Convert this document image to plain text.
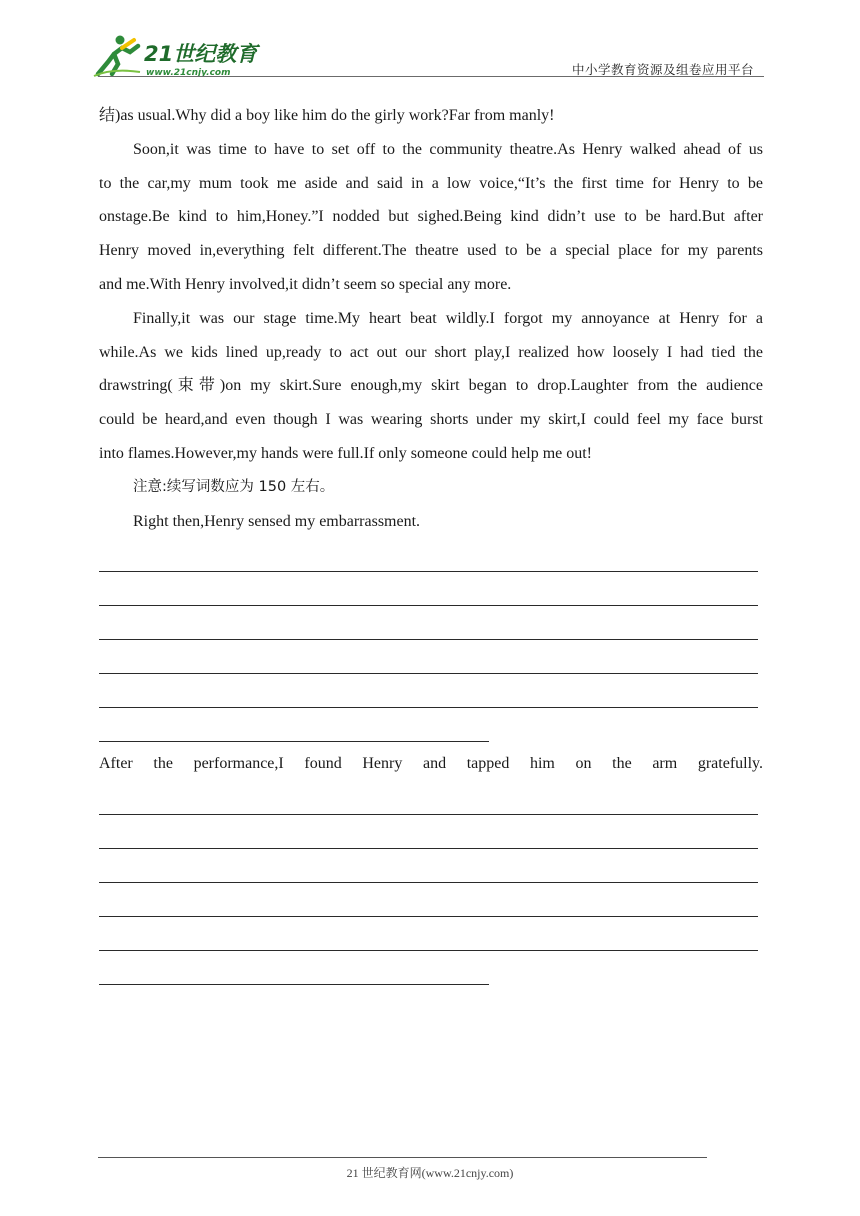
21世纪教育
www.21cnjy.com	中小学教育资源及组卷应用平台
结)as usual.Why did a boy like him do the girly work?Far from manly!
Soon,it was time to have to set off to the community theatre.As Henry walked ahead of us
to the car,my mum took me aside and said in a low voice,“It’s the first time for Henry to be
onstage.Be kind to him,Honey.”I nodded but sighed.Being kind didn’t use to be hard.But after
Henry moved in,everything felt different.The theatre used to be a special place for my parents
and me.With Henry involved,it didn’t seem so special any more.
Finally,it was our stage time.My heart beat wildly.I forgot my annoyance at Henry for a
while.As we kids lined up,ready to act out our short play,I realized how loosely I had tied the
drawstring(束带)on my skirt.Sure enough,my skirt began to drop.Laughter from the audience
could be heard,and even though I was wearing shorts under my skirt,I could feel my face burst
into flames.However,my hands were full.If only someone could help me out!
注意:续写词数应为 150 左右。
Right then,Henry sensed my embarrassment.
After the performance,I found Henry and tapped him on the arm gratefully.
21 世纪教育网(www.21cnjy.com)
